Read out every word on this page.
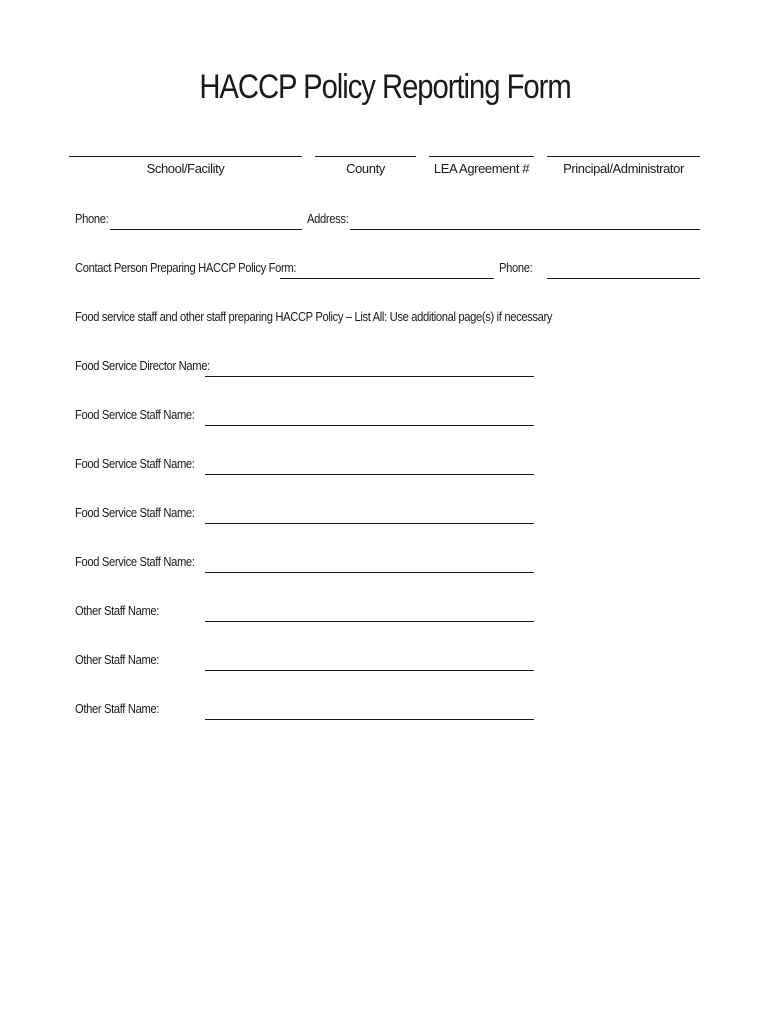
HACCP Policy Reporting Form
School/Facility	County	LEA Agreement #	Principal/Administrator
Phone:	Address:
Contact Person Preparing HACCP Policy Form:	Phone:
Food service staff and other staff preparing HACCP Policy – List All: Use additional page(s) if necessary
Food Service Director Name:
Food Service Staff Name:
Food Service Staff Name:
Food Service Staff Name:
Food Service Staff Name:
Other Staff Name:
Other Staff Name:
Other Staff Name:
